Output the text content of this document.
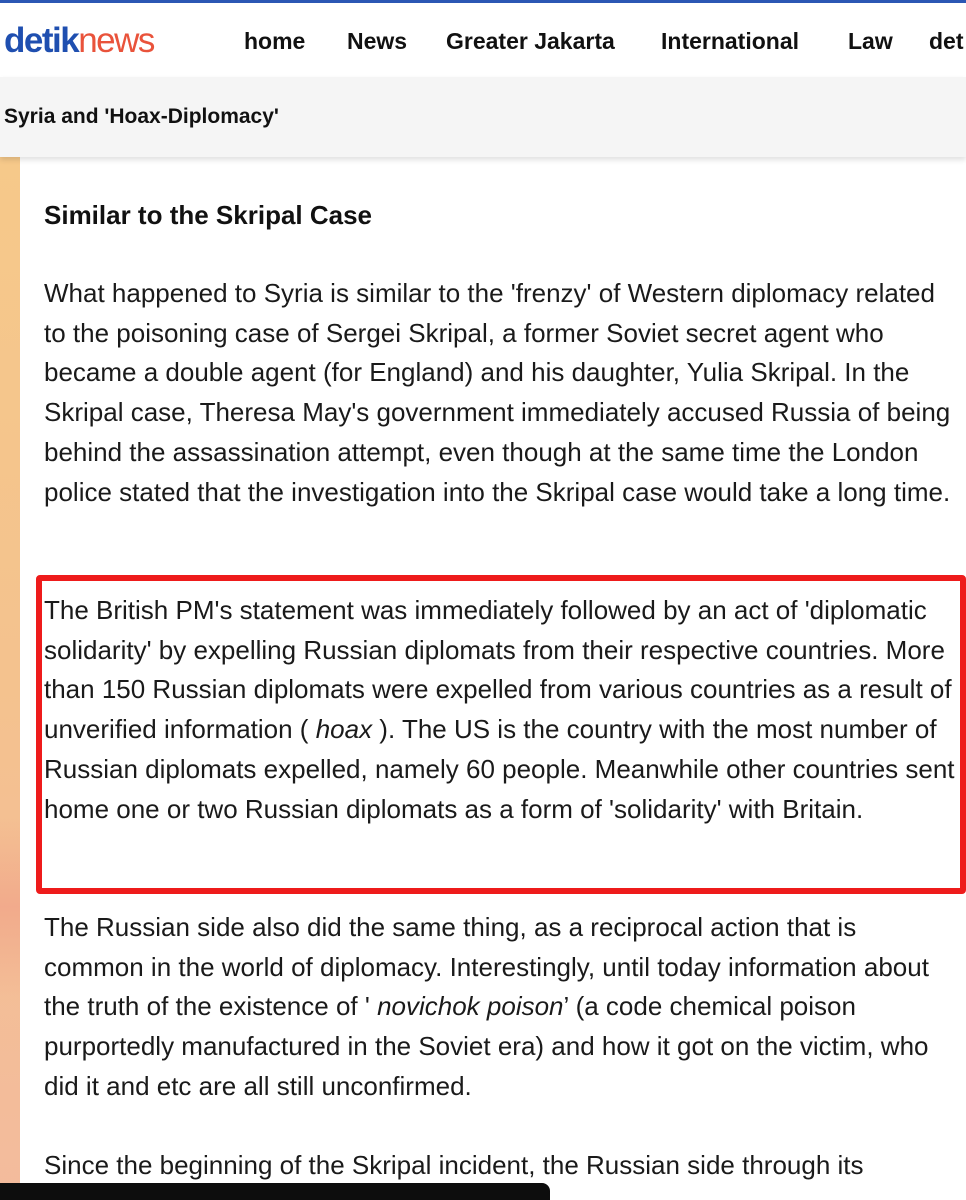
detiknews	home News Greater Jakarta International Law det
Syria and 'Hoax-Diplomacy'
Similar to the Skripal Case

What happened to Syria is similar to the 'frenzy' of Western diplomacy related to the poisoning case of Sergei Skripal, a former Soviet secret agent who became a double agent (for England) and his daughter, Yulia Skripal. In the Skripal case, Theresa May's government immediately accused Russia of being behind the assassination attempt, even though at the same time the London police stated that the investigation into the Skripal case would take a long time.

The British PM's statement was immediately followed by an act of 'diplomatic solidarity' by expelling Russian diplomats from their respective countries. More than 150 Russian diplomats were expelled from various countries as a result of unverified information ( hoax ). The US is the country with the most number of Russian diplomats expelled, namely 60 people. Meanwhile other countries sent home one or two Russian diplomats as a form of 'solidarity' with Britain.

The Russian side also did the same thing, as a reciprocal action that is common in the world of diplomacy. Interestingly, until today information about the truth of the existence of ' novichok poison’ (a code chemical poison purportedly manufactured in the Soviet era) and how it got on the victim, who did it and etc are all still unconfirmed.

Since the beginning of the Skripal incident, the Russian side through its
